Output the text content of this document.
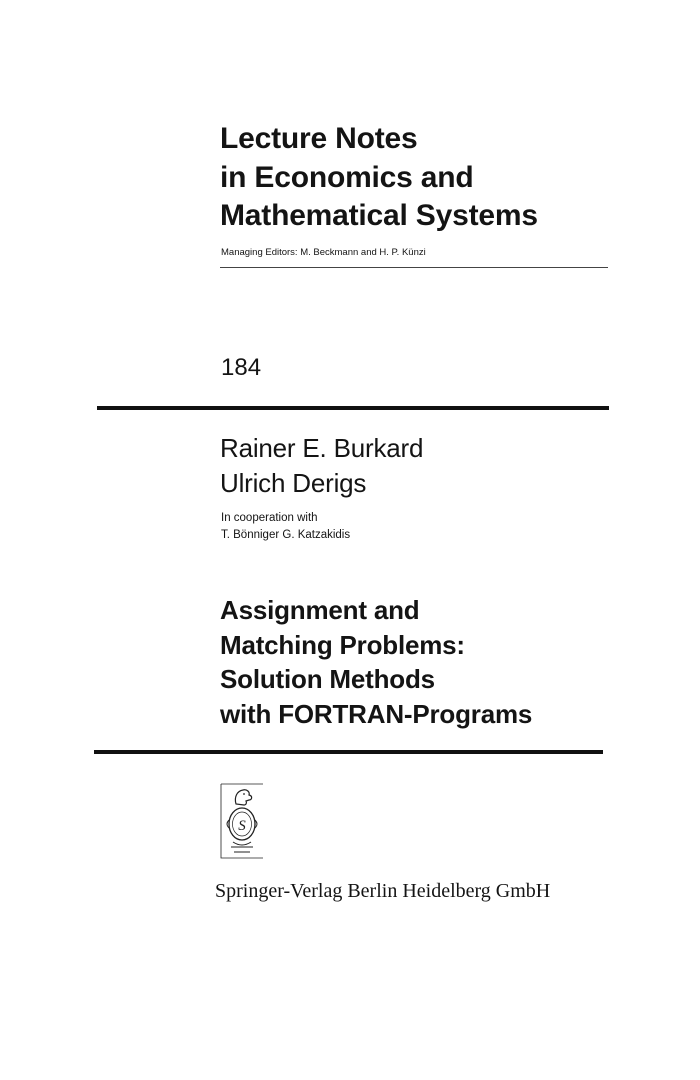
Lecture Notes
in Economics and
Mathematical Systems
Managing Editors: M. Beckmann and H. P. Künzi
184
Rainer E. Burkard
Ulrich Derigs
In cooperation with
T. Bönniger G. Katzakidis
Assignment and
Matching Problems:
Solution Methods
with FORTRAN-Programs
S
Springer-Verlag Berlin Heidelberg GmbH
